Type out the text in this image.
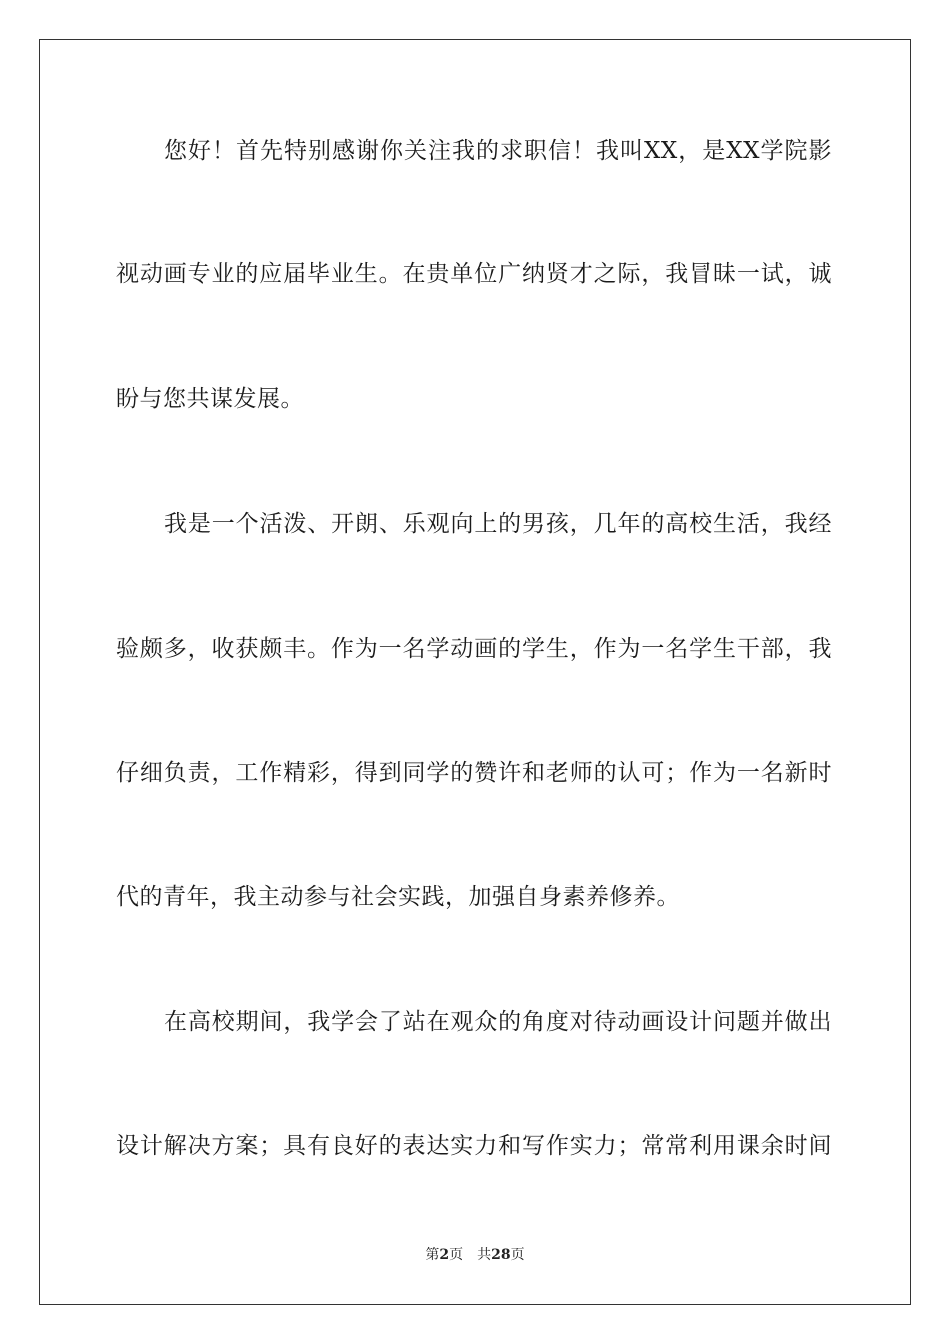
您好！首先特别感谢你关注我的求职信！我叫XX，是XX学院影
视动画专业的应届毕业生。在贵单位广纳贤才之际，我冒昧一试，诚
盼与您共谋发展。
我是一个活泼、开朗、乐观向上的男孩，几年的高校生活，我经
验颇多，收获颇丰。作为一名学动画的学生，作为一名学生干部，我
仔细负责，工作精彩，得到同学的赞许和老师的认可；作为一名新时
代的青年，我主动参与社会实践，加强自身素养修养。
在高校期间，我学会了站在观众的角度对待动画设计问题并做出
设计解决方案；具有良好的表达实力和写作实力；常常利用课余时间
第2页 共28页
